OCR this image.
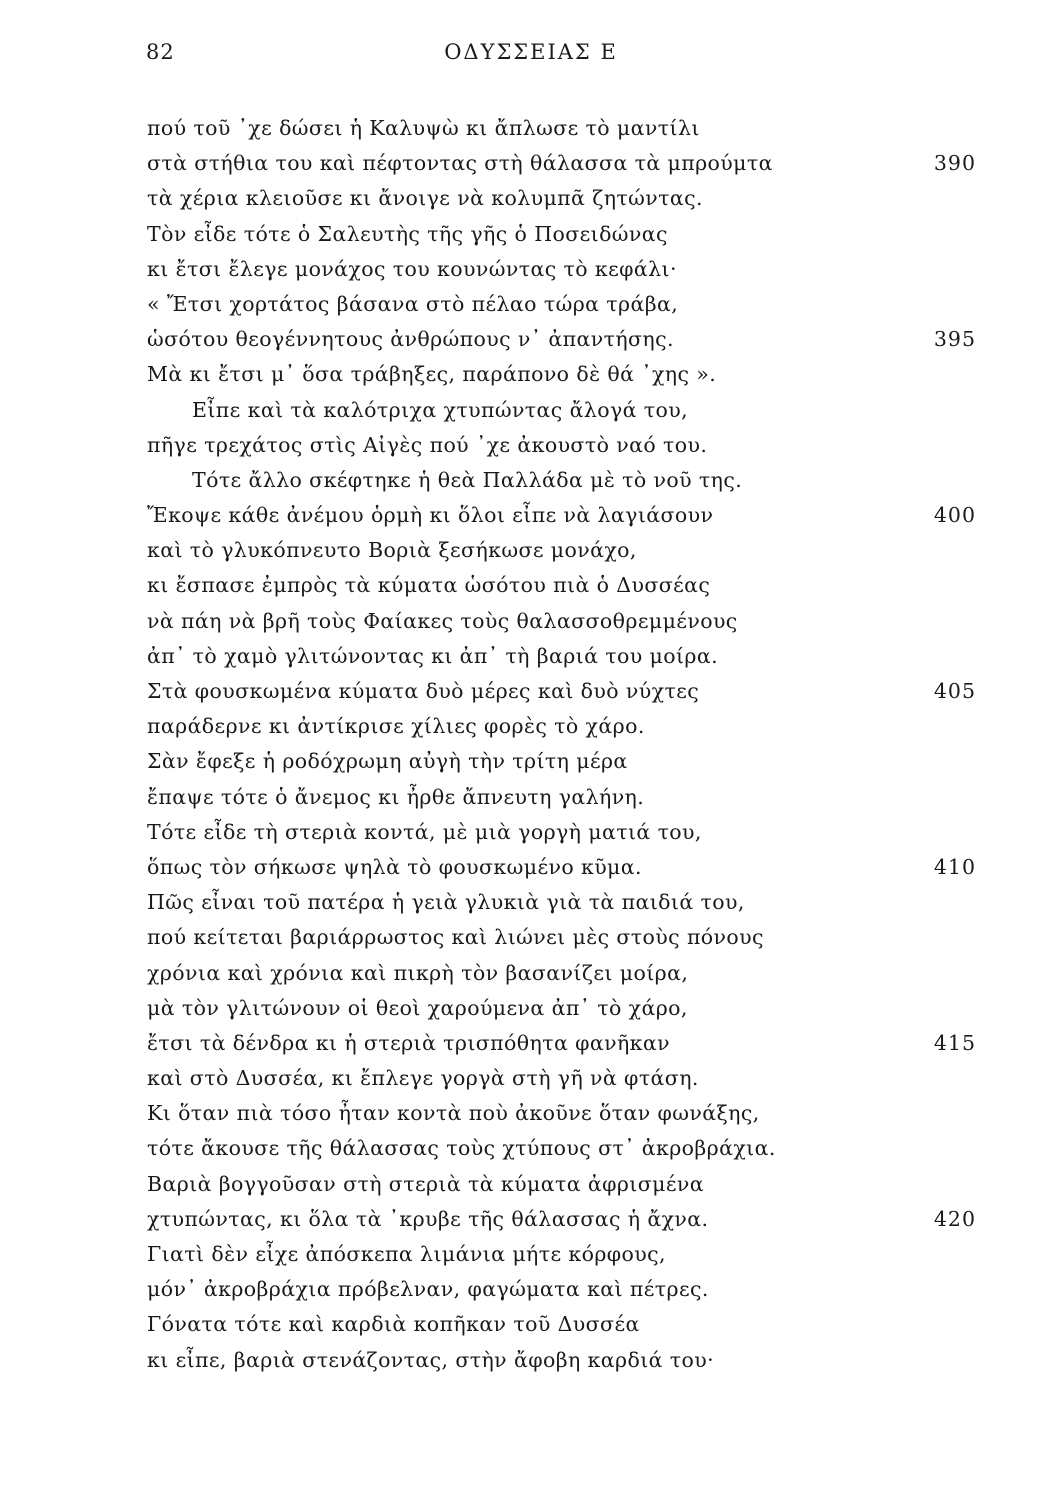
82	ΟΔΥΣΣΕΙΑΣ Ε
πού τοῦ ᾽χε δώσει ἡ Καλυψὼ κι ἄπλωσε τὸ μαντίλι
στὰ στήθια του καὶ πέφτοντας στὴ θάλασσα τὰ μπρούμτα	390
τὰ χέρια κλειοῦσε κι ἄνοιγε νὰ κολυμπᾶ ζητώντας.
Τὸν εἶδε τότε ὁ Σαλευτὴς τῆς γῆς ὁ Ποσειδώνας
κι ἔτσι ἔλεγε μονάχος του κουνώντας τὸ κεφάλι·
« Ἔτσι χορτάτος βάσανα στὸ πέλαο τώρα τράβα,
ὡσότου θεογέννητους ἀνθρώπους ν᾽ ἀπαντήσης.	395
Μὰ κι ἔτσι μ᾽ ὅσα τράβηξες, παράπονο δὲ θά ᾽χης ».
Εἶπε καὶ τὰ καλότριχα χτυπώντας ἄλογά του,
πῆγε τρεχάτος στὶς Αἰγὲς πού ᾽χε ἀκουστὸ ναό του.
Τότε ἄλλο σκέφτηκε ἡ θεὰ Παλλάδα μὲ τὸ νοῦ της.
Ἔκοψε κάθε ἀνέμου ὁρμὴ κι ὅλοι εἶπε νὰ λαγιάσουν	400
καὶ τὸ γλυκόπνευτο Βοριὰ ξεσήκωσε μονάχο,
κι ἔσπασε ἐμπρὸς τὰ κύματα ὡσότου πιὰ ὁ Δυσσέας
νὰ πάη νὰ βρῆ τοὺς Φαίακες τοὺς θαλασσοθρεμμένους
ἀπ᾽ τὸ χαμὸ γλιτώνοντας κι ἀπ᾽ τὴ βαριά του μοίρα.
Στὰ φουσκωμένα κύματα δυὸ μέρες καὶ δυὸ νύχτες	405
παράδερνε κι ἀντίκρισε χίλιες φορὲς τὸ χάρο.
Σὰν ἔφεξε ἡ ροδόχρωμη αὐγὴ τὴν τρίτη μέρα
ἔπαψε τότε ὁ ἄνεμος κι ἦρθε ἄπνευτη γαλήνη.
Τότε εἶδε τὴ στεριὰ κοντά, μὲ μιὰ γοργὴ ματιά του,
ὅπως τὸν σήκωσε ψηλὰ τὸ φουσκωμένο κῦμα.	410
Πῶς εἶναι τοῦ πατέρα ἡ γειὰ γλυκιὰ γιὰ τὰ παιδιά του,
πού κείτεται βαριάρρωστος καὶ λιώνει μὲς στοὺς πόνους
χρόνια καὶ χρόνια καὶ πικρὴ τὸν βασανίζει μοίρα,
μὰ τὸν γλιτώνουν οἱ θεοὶ χαρούμενα ἀπ᾽ τὸ χάρο,
ἔτσι τὰ δένδρα κι ἡ στεριὰ τρισπόθητα φανῆκαν	415
καὶ στὸ Δυσσέα, κι ἔπλεγε γοργὰ στὴ γῆ νὰ φτάση.
Κι ὅταν πιὰ τόσο ἦταν κοντὰ ποὺ ἀκοῦνε ὅταν φωνάξης,
τότε ἄκουσε τῆς θάλασσας τοὺς χτύπους στ᾽ ἀκροβράχια.
Βαριὰ βογγοῦσαν στὴ στεριὰ τὰ κύματα ἀφρισμένα
χτυπώντας, κι ὅλα τὰ ᾽κρυβε τῆς θάλασσας ἡ ἄχνα.	420
Γιατὶ δὲν εἶχε ἀπόσκεπα λιμάνια μήτε κόρφους,
μόν᾽ ἀκροβράχια πρόβελναν, φαγώματα καὶ πέτρες.
Γόνατα τότε καὶ καρδιὰ κοπῆκαν τοῦ Δυσσέα
κι εἶπε, βαριὰ στενάζοντας, στὴν ἄφοβη καρδιά του·
